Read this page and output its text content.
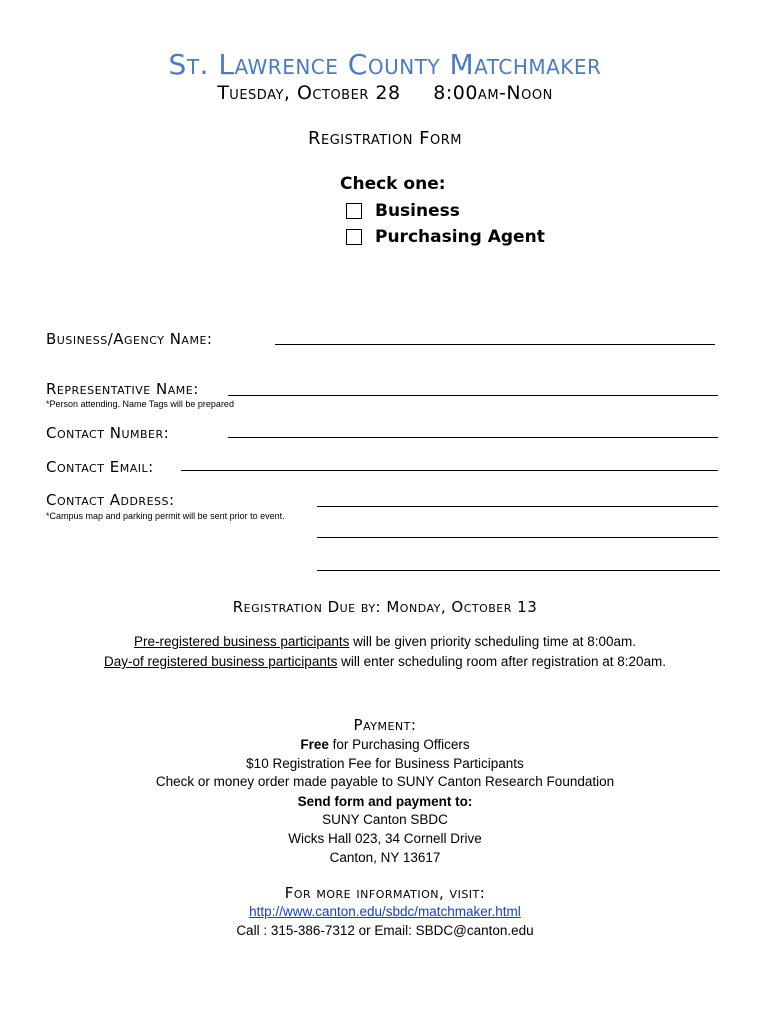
St. Lawrence County Matchmaker
Tuesday, October 28     8:00am-Noon
Registration Form
Check one:
Business
Purchasing Agent
Business/Agency Name:
Representative Name:
*Person attending. Name Tags will be prepared
Contact Number:
Contact Email:
Contact Address:
*Campus map and parking permit will be sent prior to event.
Registration Due by: Monday, October 13
Pre-registered business participants will be given priority scheduling time at 8:00am.
Day-of registered business participants will enter scheduling room after registration at 8:20am.
Payment:
Free for Purchasing Officers
$10 Registration Fee for Business Participants
Check or money order made payable to SUNY Canton Research Foundation
Send form and payment to:
SUNY Canton SBDC
Wicks Hall 023, 34 Cornell Drive
Canton, NY 13617
For more information, visit:
http://www.canton.edu/sbdc/matchmaker.html
Call : 315-386-7312 or Email: SBDC@canton.edu
